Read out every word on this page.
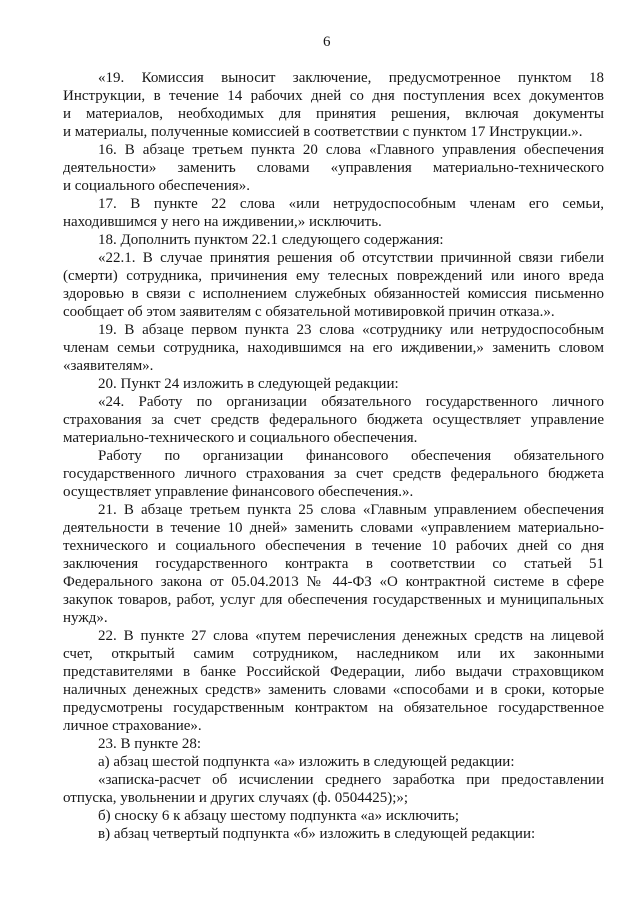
6
«19. Комиссия выносит заключение, предусмотренное пунктом 18
Инструкции, в течение 14 рабочих дней со дня поступления всех документов
и материалов, необходимых для принятия решения, включая документы
и материалы, полученные комиссией в соответствии с пунктом 17 Инструкции.».
16. В абзаце третьем пункта 20 слова «Главного управления обеспечения
деятельности» заменить словами «управления материально-технического
и социального обеспечения».
17. В пункте 22 слова «или нетрудоспособным членам его семьи,
находившимся у него на иждивении,» исключить.
18. Дополнить пунктом 22.1 следующего содержания:
«22.1. В случае принятия решения об отсутствии причинной связи гибели
(смерти) сотрудника, причинения ему телесных повреждений или иного вреда
здоровью в связи с исполнением служебных обязанностей комиссия письменно
сообщает об этом заявителям с обязательной мотивировкой причин отказа.».
19. В абзаце первом пункта 23 слова «сотруднику или нетрудоспособным
членам семьи сотрудника, находившимся на его иждивении,» заменить словом
«заявителям».
20. Пункт 24 изложить в следующей редакции:
«24. Работу по организации обязательного государственного личного
страхования за счет средств федерального бюджета осуществляет управление
материально-технического и социального обеспечения.
Работу по организации финансового обеспечения обязательного
государственного личного страхования за счет средств федерального бюджета
осуществляет управление финансового обеспечения.».
21. В абзаце третьем пункта 25 слова «Главным управлением обеспечения
деятельности в течение 10 дней» заменить словами «управлением материально-
технического и социального обеспечения в течение 10 рабочих дней со дня
заключения государственного контракта в соответствии со статьей 51
Федерального закона от 05.04.2013 № 44-ФЗ «О контрактной системе в сфере
закупок товаров, работ, услуг для обеспечения государственных и муниципальных
нужд».
22. В пункте 27 слова «путем перечисления денежных средств на лицевой
счет, открытый самим сотрудником, наследником или их законными
представителями в банке Российской Федерации, либо выдачи страховщиком
наличных денежных средств» заменить словами «способами и в сроки, которые
предусмотрены государственным контрактом на обязательное государственное
личное страхование».
23. В пункте 28:
а) абзац шестой подпункта «а» изложить в следующей редакции:
«записка-расчет об исчислении среднего заработка при предоставлении
отпуска, увольнении и других случаях (ф. 0504425);»;
б) сноску 6 к абзацу шестому подпункта «а» исключить;
в) абзац четвертый подпункта «б» изложить в следующей редакции:
